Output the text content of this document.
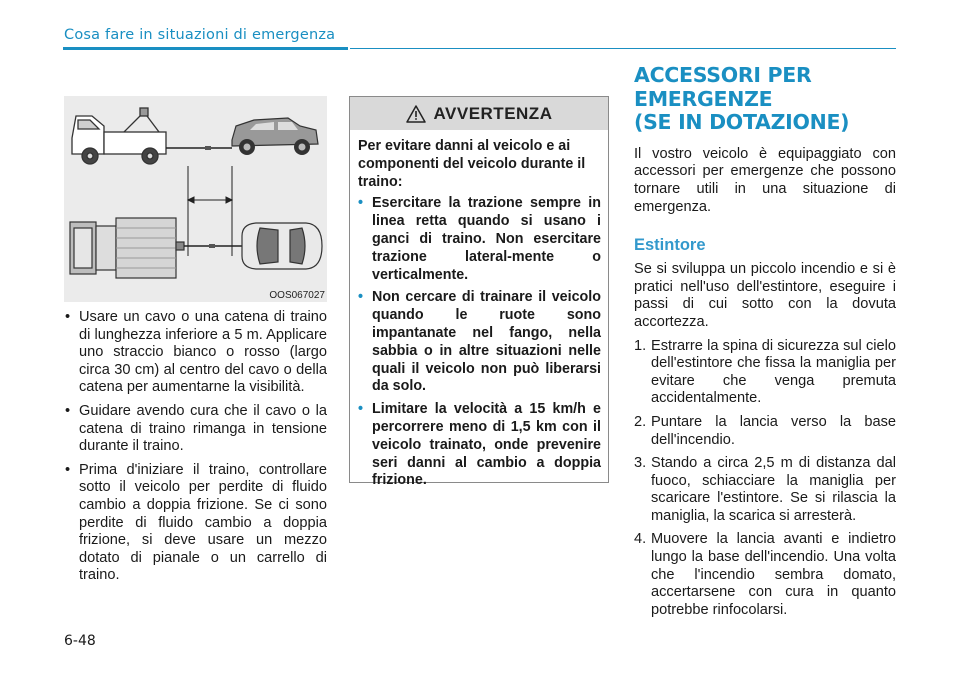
Cosa fare in situazioni di emergenza
OOS067027
• Usare un cavo o una catena di traino di lunghezza inferiore a 5 m. Applicare uno straccio bianco o rosso (largo circa 30 cm) al centro del cavo o della catena per aumentarne la visibilità.
• Guidare avendo cura che il cavo o la catena di traino rimanga in tensione durante il traino.
• Prima d'iniziare il traino, controllare sotto il veicolo per perdite di fluido cambio a doppia frizione. Se ci sono perdite di fluido cambio a doppia frizione, si deve usare un mezzo dotato di pianale o un carrello di traino.
AVVERTENZA
Per evitare danni al veicolo e ai componenti del veicolo durante il traino:
• Esercitare la trazione sempre in linea retta quando si usano i ganci di traino. Non esercitare trazione lateral-mente o verticalmente.
• Non cercare di trainare il veicolo quando le ruote sono impantanate nel fango, nella sabbia o in altre situazioni nelle quali il veicolo non può liberarsi da solo.
• Limitare la velocità a 15 km/h e percorrere meno di 1,5 km con il veicolo trainato, onde prevenire seri danni al cambio a doppia frizione.
ACCESSORI PER
EMERGENZE
(SE IN DOTAZIONE)
Il vostro veicolo è equipaggiato con accessori per emergenze che possono tornare utili in una situazione di emergenza.
Estintore
Se si sviluppa un piccolo incendio e si è pratici nell'uso dell'estintore, eseguire i passi di cui sotto con la dovuta accortezza.
1. Estrarre la spina di sicurezza sul cielo dell'estintore che fissa la maniglia per evitare che venga premuta accidentalmente.
2. Puntare la lancia verso la base dell'incendio.
3. Stando a circa 2,5 m di distanza dal fuoco, schiacciare la maniglia per scaricare l'estintore. Se si rilascia la maniglia, la scarica si arresterà.
4. Muovere la lancia avanti e indietro lungo la base dell'incendio. Una volta che l'incendio sembra domato, accertarsene con cura in quanto potrebbe rinfocolarsi.
6-48
